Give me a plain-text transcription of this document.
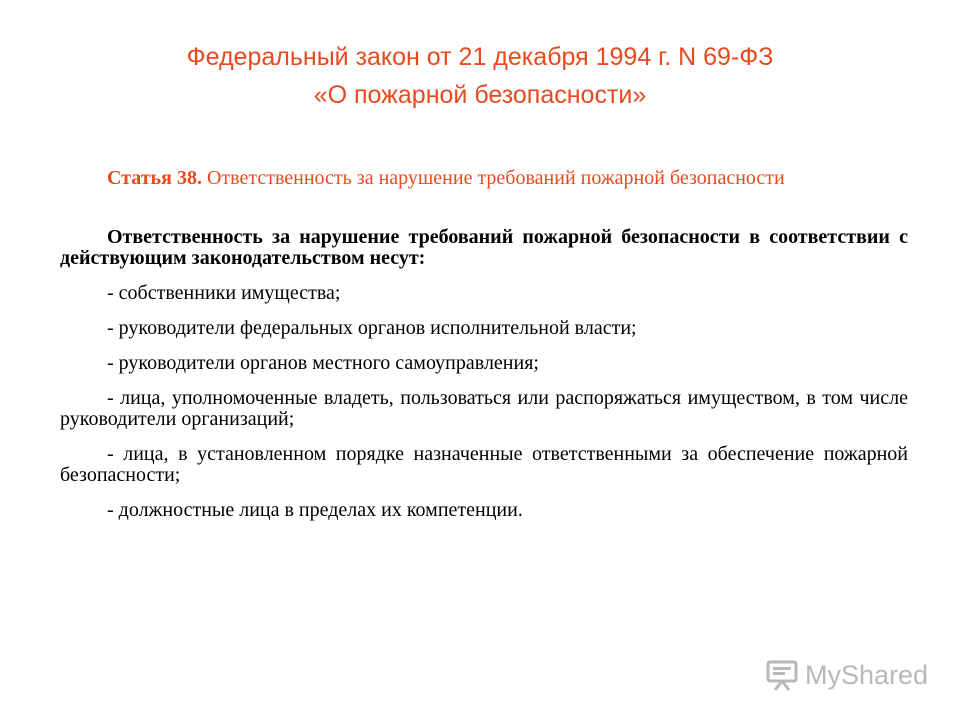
Федеральный закон от 21 декабря 1994 г. N 69-ФЗ
«О пожарной безопасности»

Статья 38. Ответственность за нарушение требований пожарной безопасности

Ответственность за нарушение требований пожарной безопасности в соответствии с действующим законодательством несут:

- собственники имущества;

- руководители федеральных органов исполнительной власти;

- руководители органов местного самоуправления;

- лица, уполномоченные владеть, пользоваться или распоряжаться имуществом, в том числе руководители организаций;

- лица, в установленном порядке назначенные ответственными за обеспечение пожарной безопасности;

- должностные лица в пределах их компетенции.

MyShared
